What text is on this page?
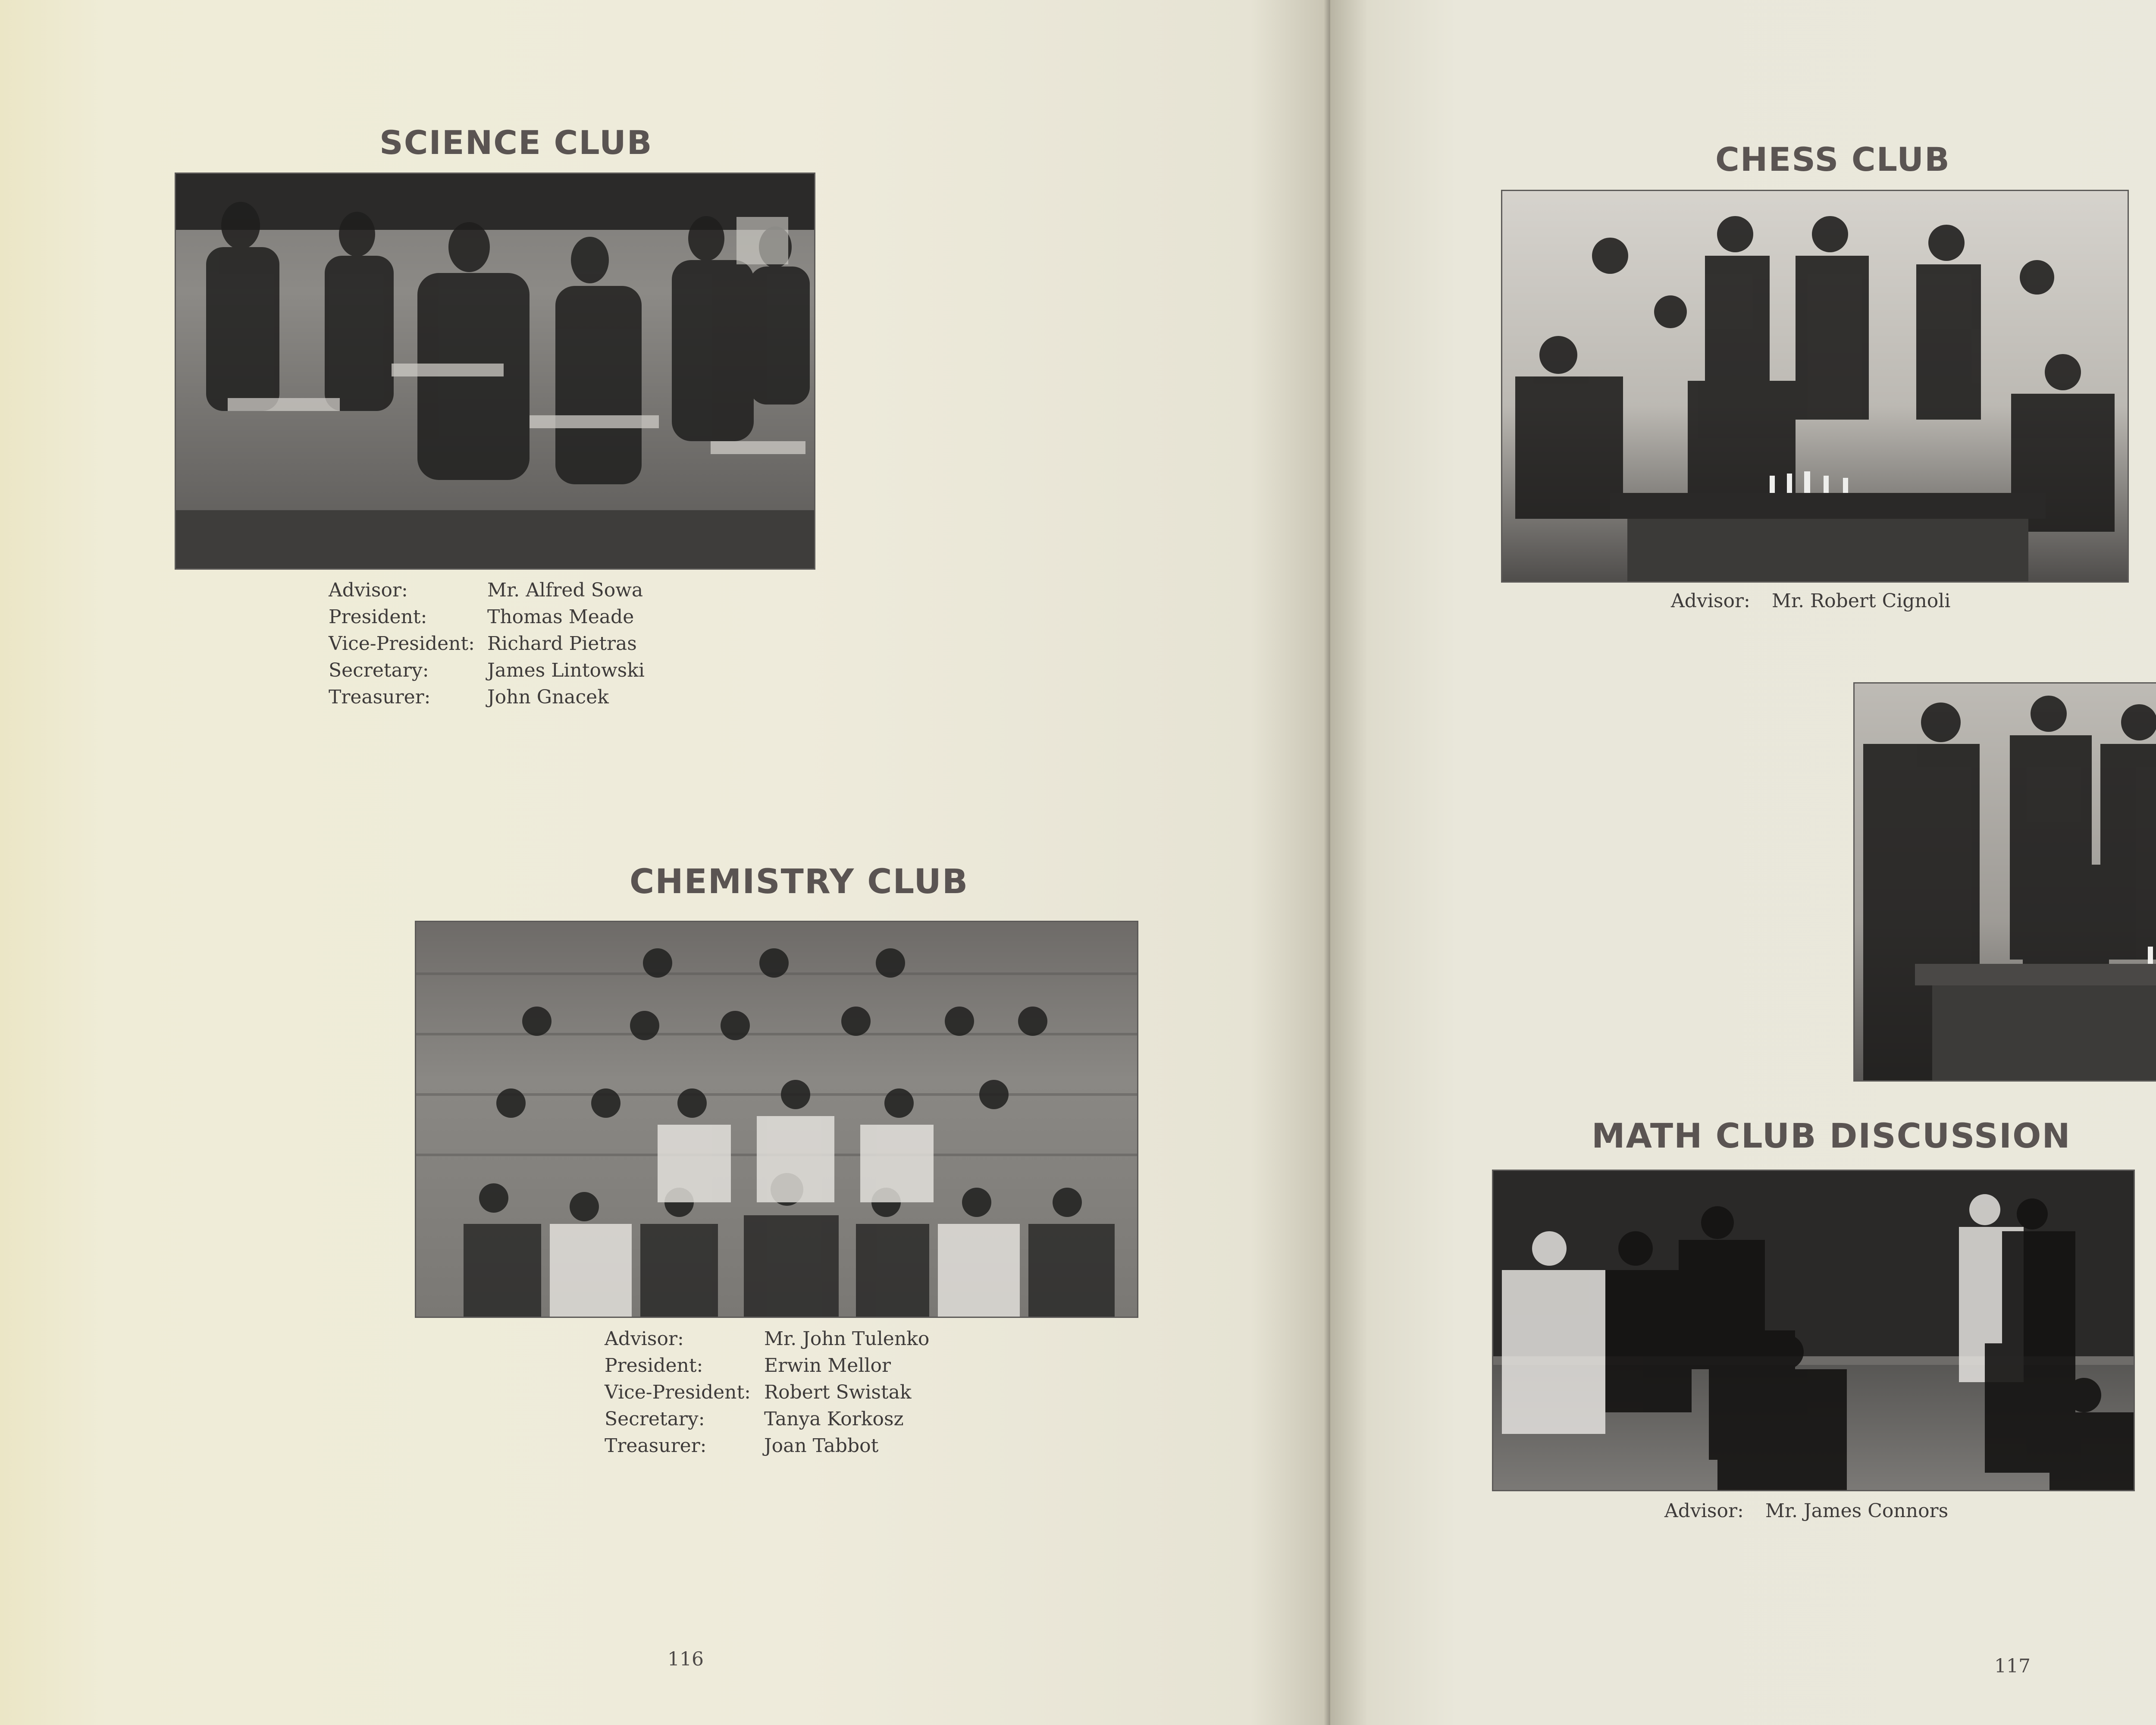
SCIENCE CLUB
Advisor:	Mr. Alfred Sowa
President:	Thomas Meade
Vice-President: Richard Pietras
Secretary:	James Lintowski
Treasurer:	John Gnacek
CHEMISTRY CLUB
Advisor:	Mr. John Tulenko
President:	Erwin Mellor
Vice-President: Robert Swistak
Secretary:	Tanya Korkosz
Treasurer:	Joan Tabbot

116

CHESS CLUB

Advisor: Mr. Robert Cignoli

MATH CLUB DISCUSSION

Advisor: Mr. James Connors

117
